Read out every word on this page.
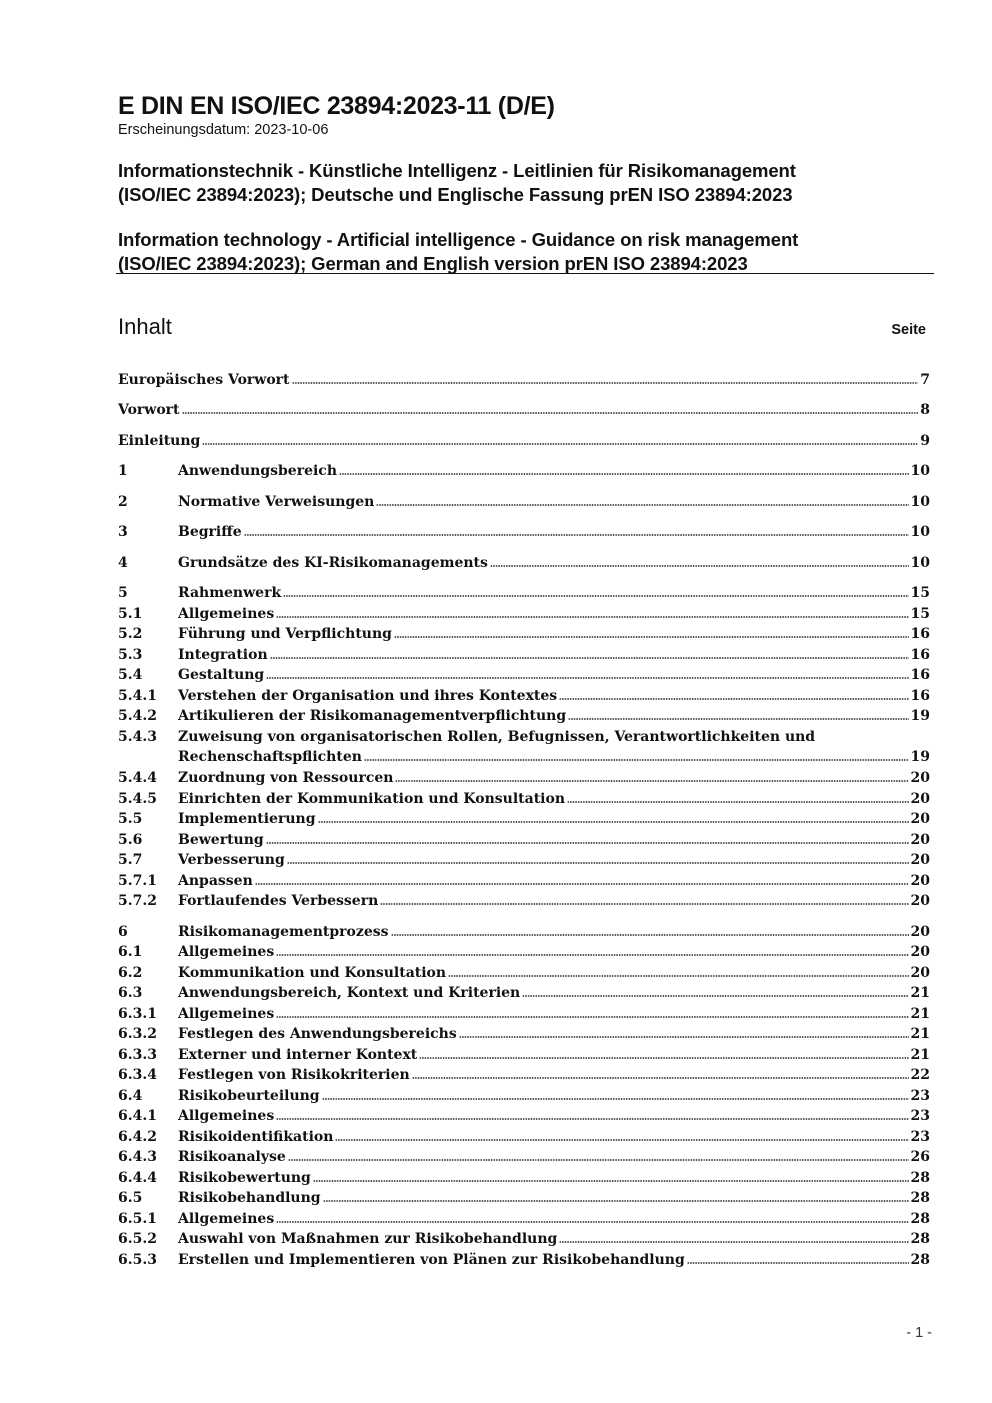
E DIN EN ISO/IEC 23894:2023-11 (D/E)
Erscheinungsdatum: 2023-10-06
Informationstechnik - Künstliche Intelligenz - Leitlinien für Risikomanagement
(ISO/IEC 23894:2023); Deutsche und Englische Fassung prEN ISO 23894:2023
Information technology - Artificial intelligence - Guidance on risk management
(ISO/IEC 23894:2023); German and English version prEN ISO 23894:2023
Inhalt	Seite
Europäisches Vorwort	7
Vorwort	8
Einleitung	9
1	Anwendungsbereich	10
2	Normative Verweisungen	10
3	Begriffe	10
4	Grundsätze des KI-Risikomanagements	10
5	Rahmenwerk	15
5.1	Allgemeines	15
5.2	Führung und Verpflichtung	16
5.3	Integration	16
5.4	Gestaltung	16
5.4.1 Verstehen der Organisation und ihres Kontextes	16
5.4.2 Artikulieren der Risikomanagementverpflichtung	19
5.4.3 Zuweisung von organisatorischen Rollen, Befugnissen, Verantwortlichkeiten und
Rechenschaftspflichten	19
5.4.4 Zuordnung von Ressourcen	20
5.4.5 Einrichten der Kommunikation und Konsultation	20
5.5	Implementierung	20
5.6	Bewertung	20
5.7	Verbesserung	20
5.7.1 Anpassen	20
5.7.2 Fortlaufendes Verbessern	20
6	Risikomanagementprozess	20
6.1	Allgemeines	20
6.2	Kommunikation und Konsultation	20
6.3	Anwendungsbereich, Kontext und Kriterien	21
6.3.1 Allgemeines	21
6.3.2 Festlegen des Anwendungsbereichs	21
6.3.3 Externer und interner Kontext	21
6.3.4 Festlegen von Risikokriterien	22
6.4	Risikobeurteilung	23
6.4.1 Allgemeines	23
6.4.2 Risikoidentifikation	23
6.4.3 Risikoanalyse	26
6.4.4 Risikobewertung	28
6.5	Risikobehandlung	28
6.5.1 Allgemeines	28
6.5.2 Auswahl von Maßnahmen zur Risikobehandlung	28
6.5.3 Erstellen und Implementieren von Plänen zur Risikobehandlung	28
- 1 -
